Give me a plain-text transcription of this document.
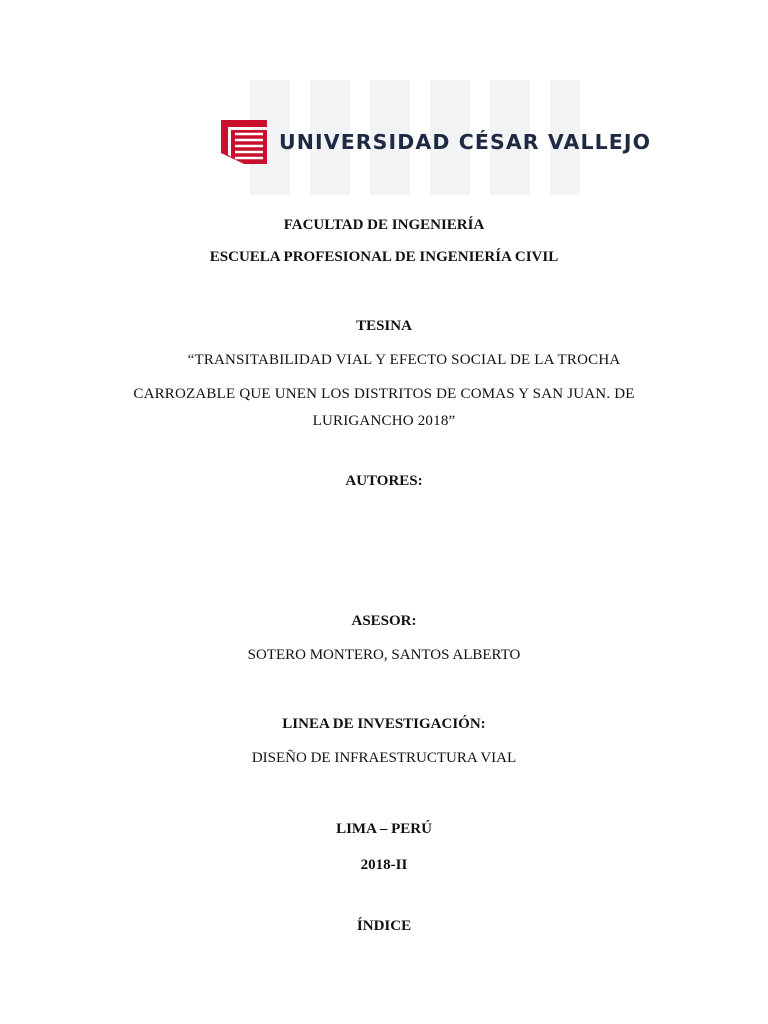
UNIVERSIDAD CÉSAR VALLEJO
FACULTAD DE INGENIERÍA
ESCUELA PROFESIONAL DE INGENIERÍA CIVIL
TESINA
“TRANSITABILIDAD VIAL Y EFECTO SOCIAL DE LA TROCHA
CARROZABLE QUE UNEN LOS DISTRITOS DE COMAS Y SAN JUAN. DE
LURIGANCHO 2018”
AUTORES:
ASESOR:
SOTERO MONTERO, SANTOS ALBERTO
LINEA DE INVESTIGACIÓN:
DISEÑO DE INFRAESTRUCTURA VIAL
LIMA – PERÚ
2018-II
ÍNDICE
